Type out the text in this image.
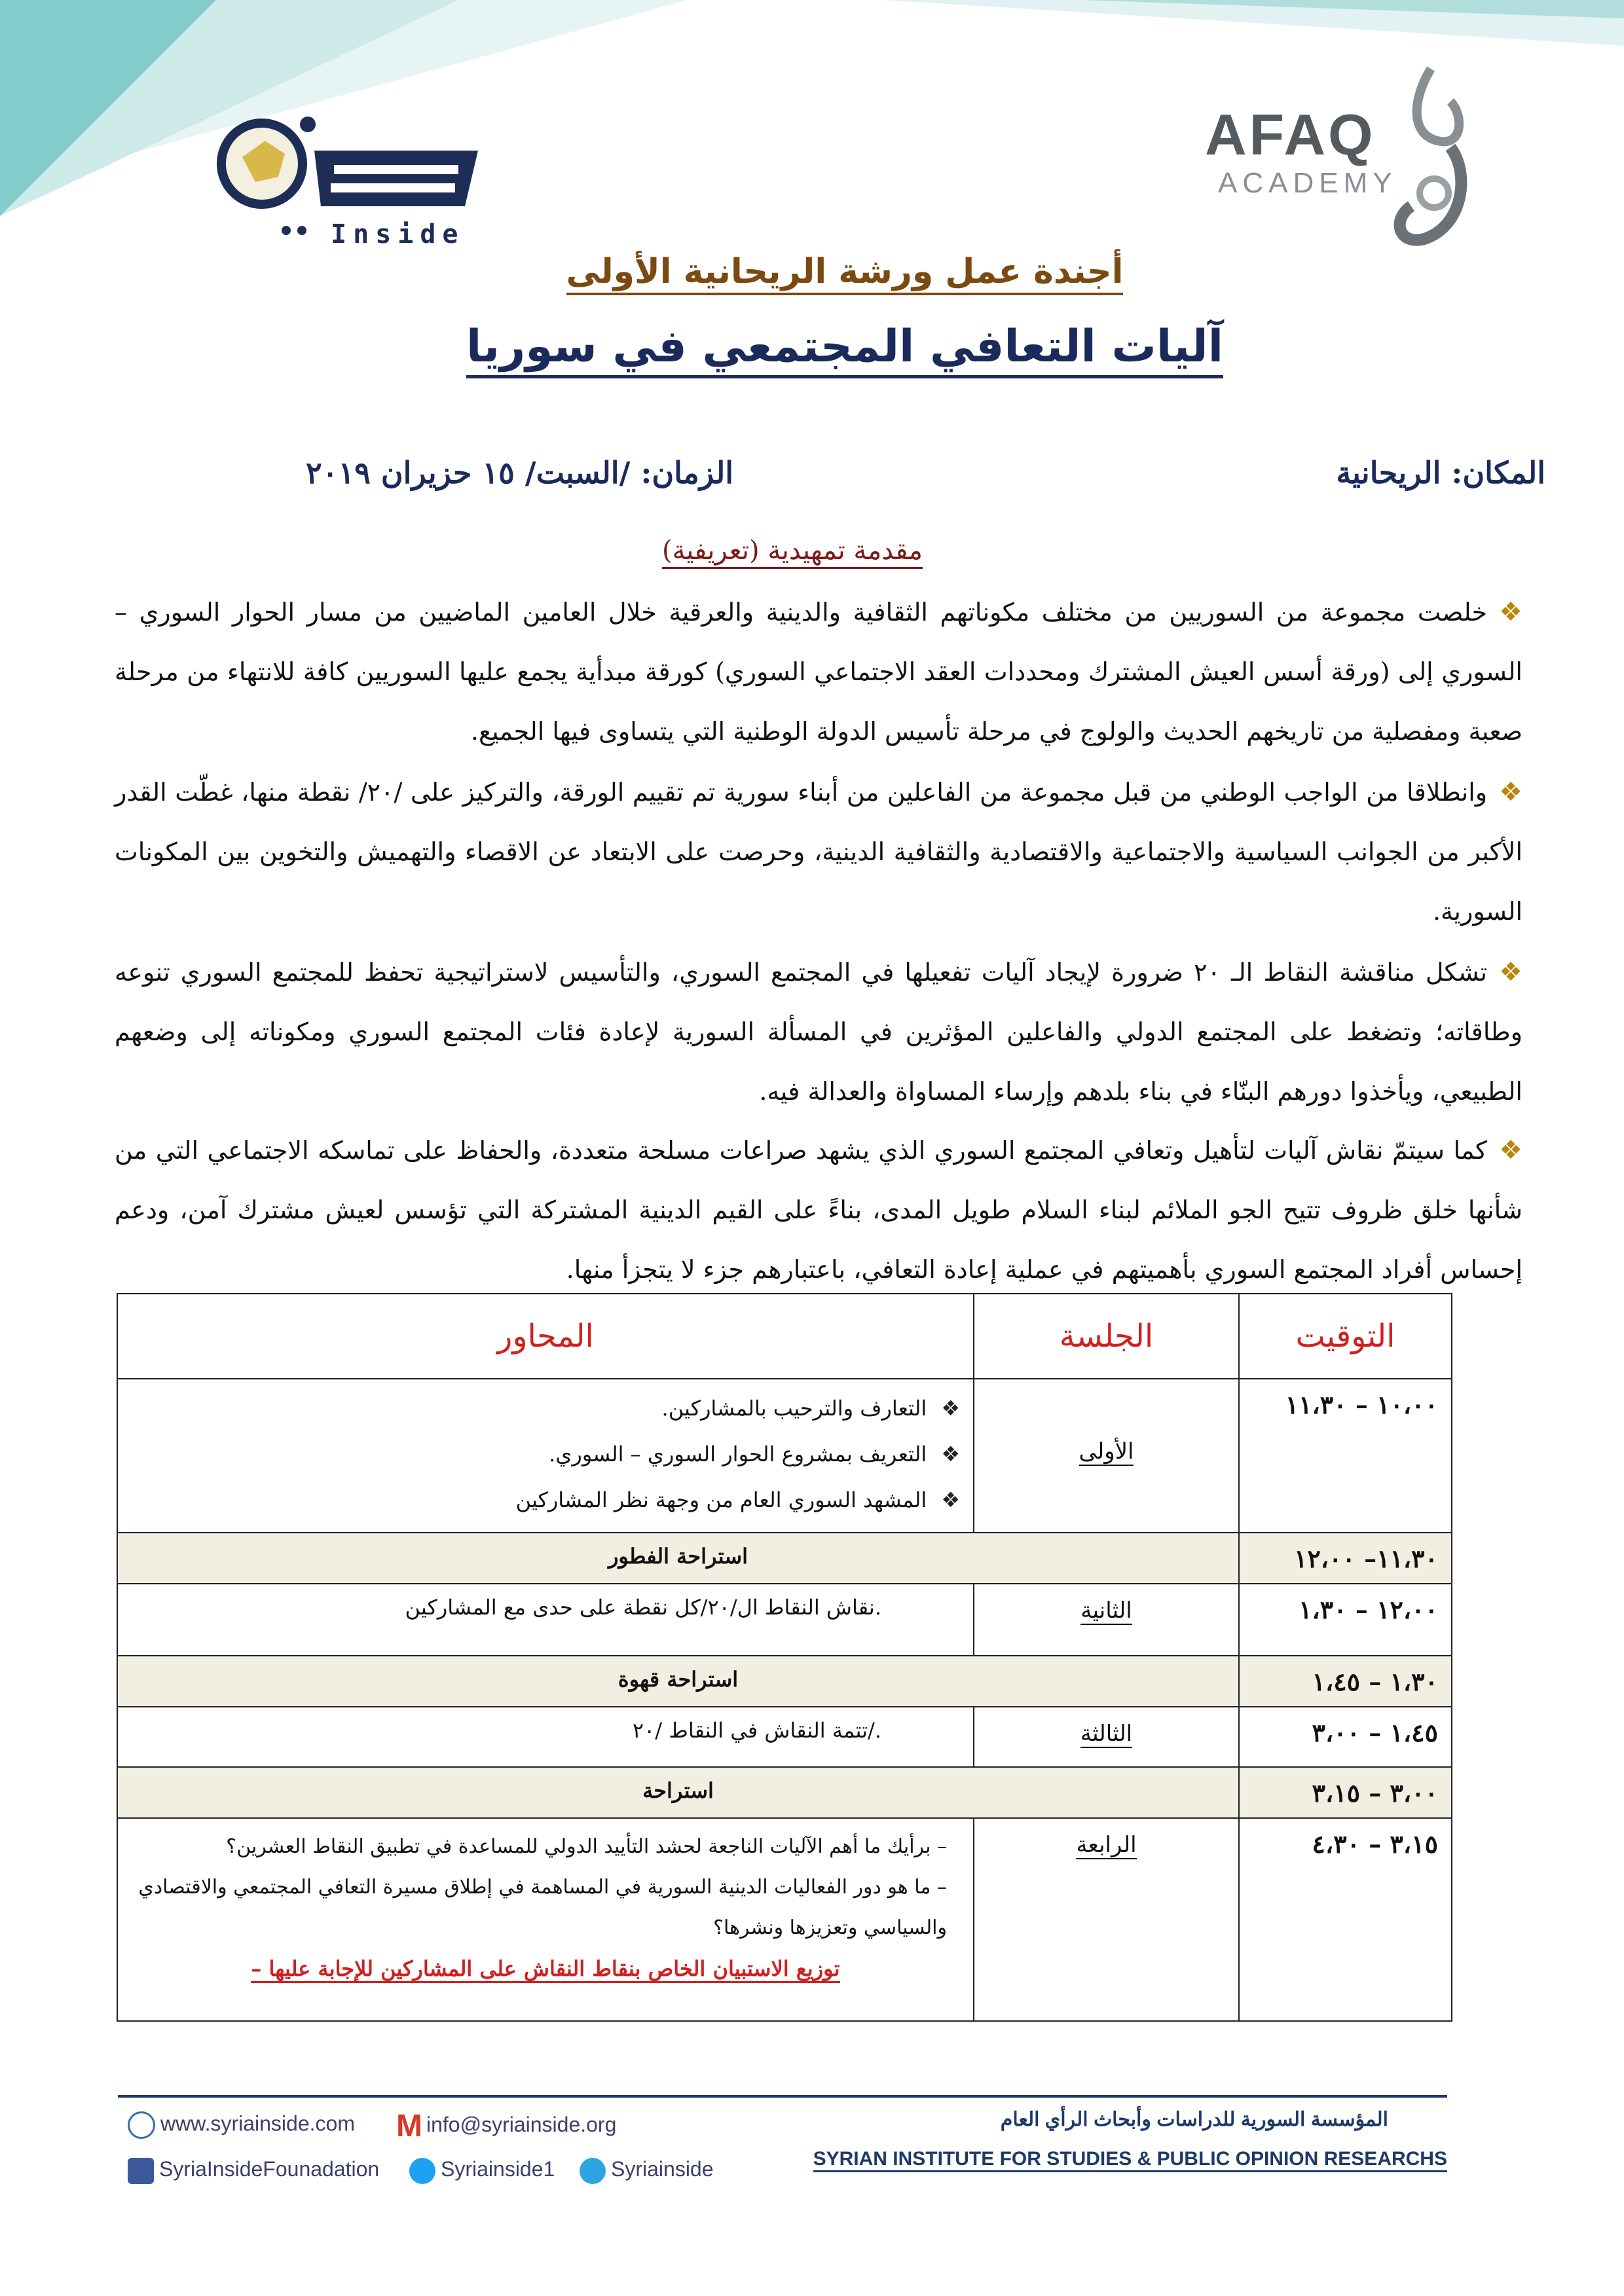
AFAQ
ACADEMY
Inside
أجندة عمل ورشة الريحانية الأولى
آليات التعافي المجتمعي في سوريا
المكان: الريحانية
الزمان: /السبت/ ١٥ حزيران ٢٠١٩
مقدمة تمهيدية (تعريفية)
❖
خلصت مجموعة من السوريين من مختلف مكوناتهم الثقافية والدينية والعرقية خلال العامين الماضيين من مسار الحوار السوري – السوري إلى (ورقة أسس العيش المشترك ومحددات العقد الاجتماعي السوري) كورقة مبدأية يجمع عليها السوريين كافة للانتهاء من مرحلة صعبة ومفصلية من تاريخهم الحديث والولوج في مرحلة تأسيس الدولة الوطنية التي يتساوى فيها الجميع.
❖
وانطلاقا من الواجب الوطني من قبل مجموعة من الفاعلين من أبناء سورية تم تقييم الورقة، والتركيز على /٢٠/ نقطة منها، غطّت القدر الأكبر من الجوانب السياسية والاجتماعية والاقتصادية والثقافية الدينية، وحرصت على الابتعاد عن الاقصاء والتهميش والتخوين بين المكونات السورية.
❖
تشكل مناقشة النقاط الـ ٢٠ ضرورة لإيجاد آليات تفعيلها في المجتمع السوري، والتأسيس لاستراتيجية تحفظ للمجتمع السوري تنوعه وطاقاته؛ وتضغط على المجتمع الدولي والفاعلين المؤثرين في المسألة السورية لإعادة فئات المجتمع السوري ومكوناته إلى وضعهم الطبيعي، ويأخذوا دورهم البنّاء في بناء بلدهم وإرساء المساواة والعدالة فيه.
❖
كما سيتمّ نقاش آليات لتأهيل وتعافي المجتمع السوري الذي يشهد صراعات مسلحة متعددة، والحفاظ على تماسكه الاجتماعي التي من شأنها خلق ظروف تتيح الجو الملائم لبناء السلام طويل المدى، بناءً على القيم الدينية المشتركة التي تؤسس لعيش مشترك آمن، ودعم إحساس أفراد المجتمع السوري بأهميتهم في عملية إعادة التعافي، باعتبارهم جزء لا يتجزأ منها.
المحاور	الجلسة	التوقيت

❖التعارف والترحيب بالمشاركين.
❖التعريف بمشروع الحوار السوري – السوري.
❖المشهد السوري العام من وجهة نظر المشاركين	الأولى	١٠،٠٠ – ١١،٣٠
استراحة الفطور		١١،٣٠– ١٢،٠٠
نقاش النقاط ال/٢٠/كل نقطة على حدى مع المشاركين.	الثانية	١٢،٠٠ – ١،٣٠
استراحة قهوة		١،٣٠ – ١،٤٥
تتمة النقاش في النقاط /٢٠/.	الثالثة	١،٤٥ – ٣،٠٠
استراحة		٣،٠٠ – ٣،١٥

– برأيك ما أهم الآليات الناجعة لحشد التأييد الدولي للمساعدة في تطبيق النقاط العشرين؟
– ما هو دور الفعاليات الدينية السورية في المساهمة في إطلاق مسيرة التعافي المجتمعي والاقتصادي والسياسي وتعزيزها ونشرها؟
– توزيع الاستبيان الخاص بنقاط النقاش على المشاركين للإجابة عليها	الرابعة	٣،١٥ – ٤،٣٠
www.syriainside.com Minfo@syriainside.org
SyriaInsideFounadation	Syriainside1	Syriainside
المؤسسة السورية للدراسات وأبحاث الرأي العام
SYRIAN INSTITUTE FOR STUDIES & PUBLIC OPINION RESEARCHS
